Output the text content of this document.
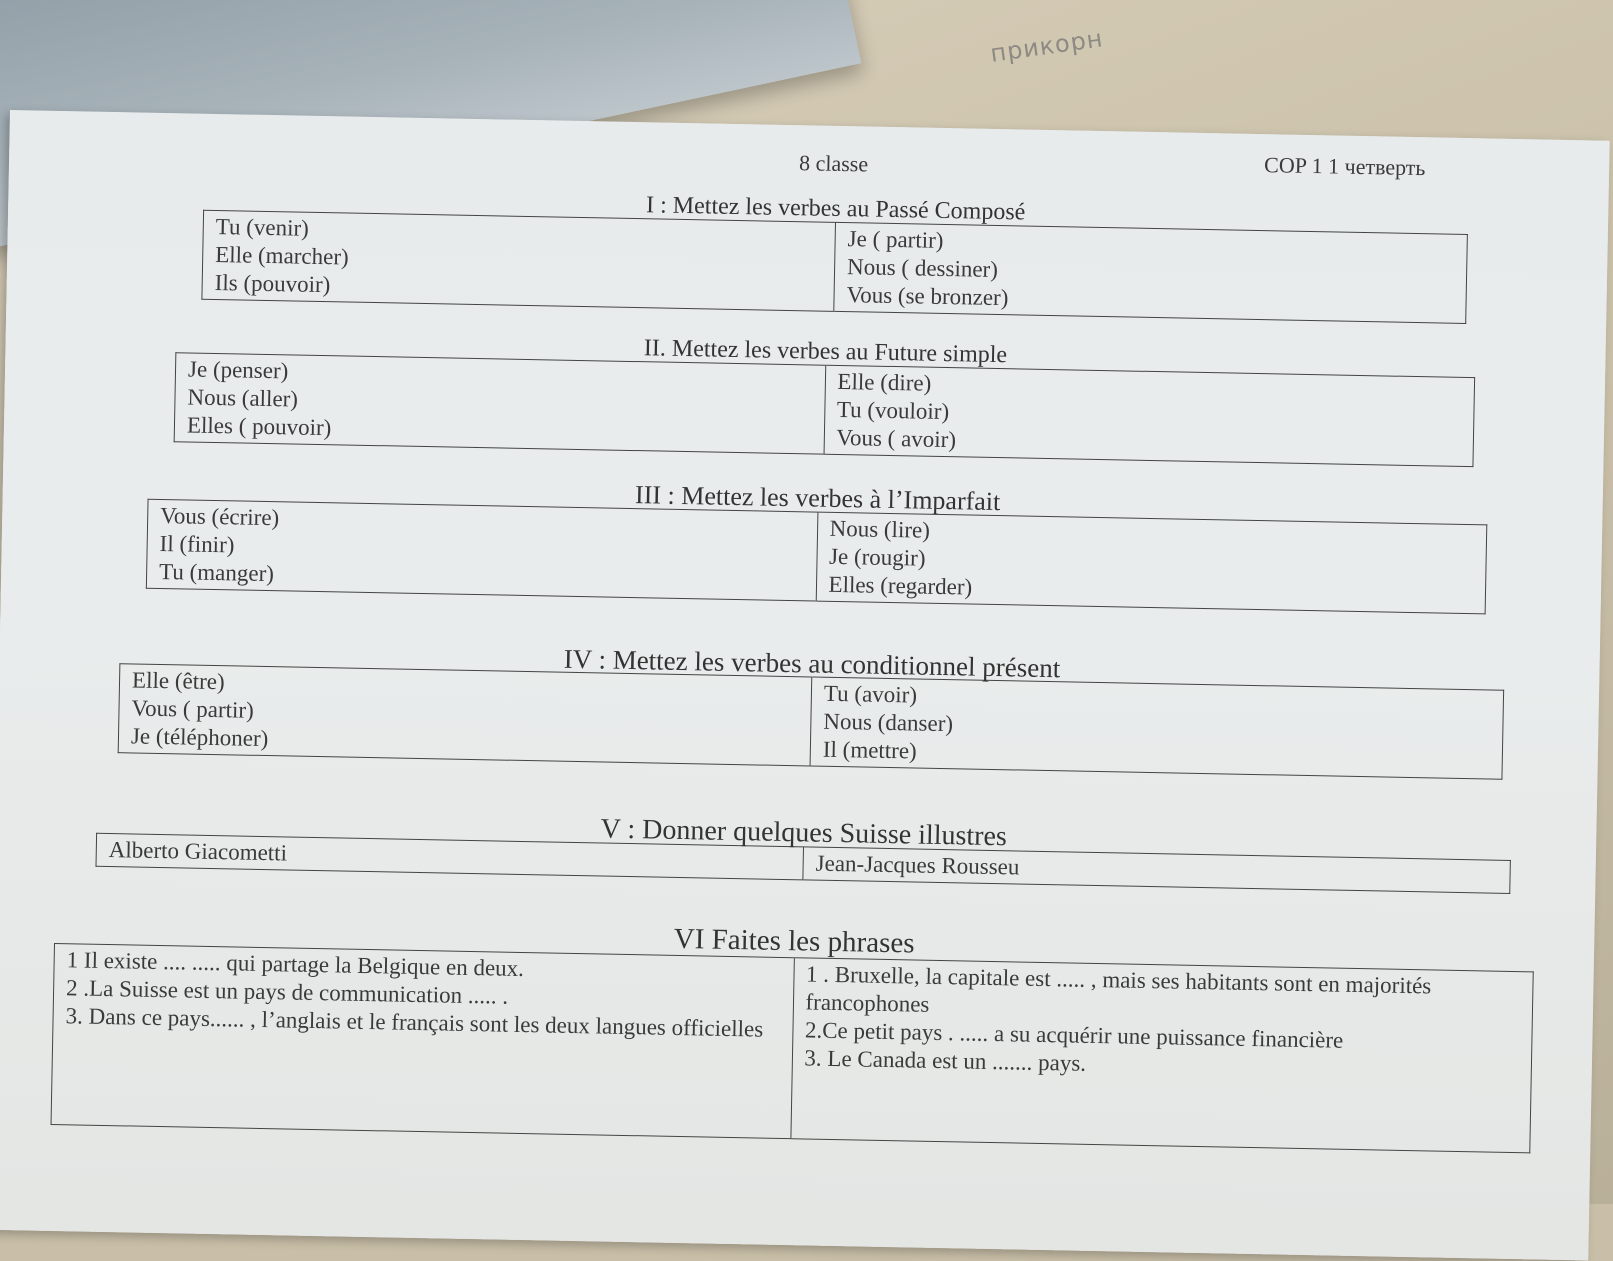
прикорн
8 classe	COP 1 1 четверть
I : Mettez les verbes au Passé Composé
Tu (venir)
Elle (marcher)
Ils (pouvoir)

Je ( partir)
Nous ( dessiner)
Vous (se bronzer)
II. Mettez les verbes au Future simple
Je (penser)
Nous (aller)
Elles ( pouvoir)

Elle (dire)
Tu (vouloir)
Vous ( avoir)
III : Mettez les verbes à l’Imparfait
Vous (écrire)
Il (finir)
Tu (manger)

Nous (lire)
Je (rougir)
Elles (regarder)
IV : Mettez les verbes au conditionnel présent
Elle (être)
Vous ( partir)
Je (téléphoner)

Tu (avoir)
Nous (danser)
Il (mettre)
V : Donner quelques Suisse illustres
Alberto Giacometti	Jean-Jacques Rousseu
VI Faites les phrases
1 Il existe .... ..... qui partage la Belgique en deux.
2 .La Suisse est un pays de communication ..... .
3. Dans ce pays...... , l’anglais et le français sont les deux langues officielles

1 . Bruxelle, la capitale est ..... , mais ses habitants sont en majorités francophones
2.Ce petit pays . ..... a su acquérir une puissance financière
3. Le Canada est un ....... pays.
